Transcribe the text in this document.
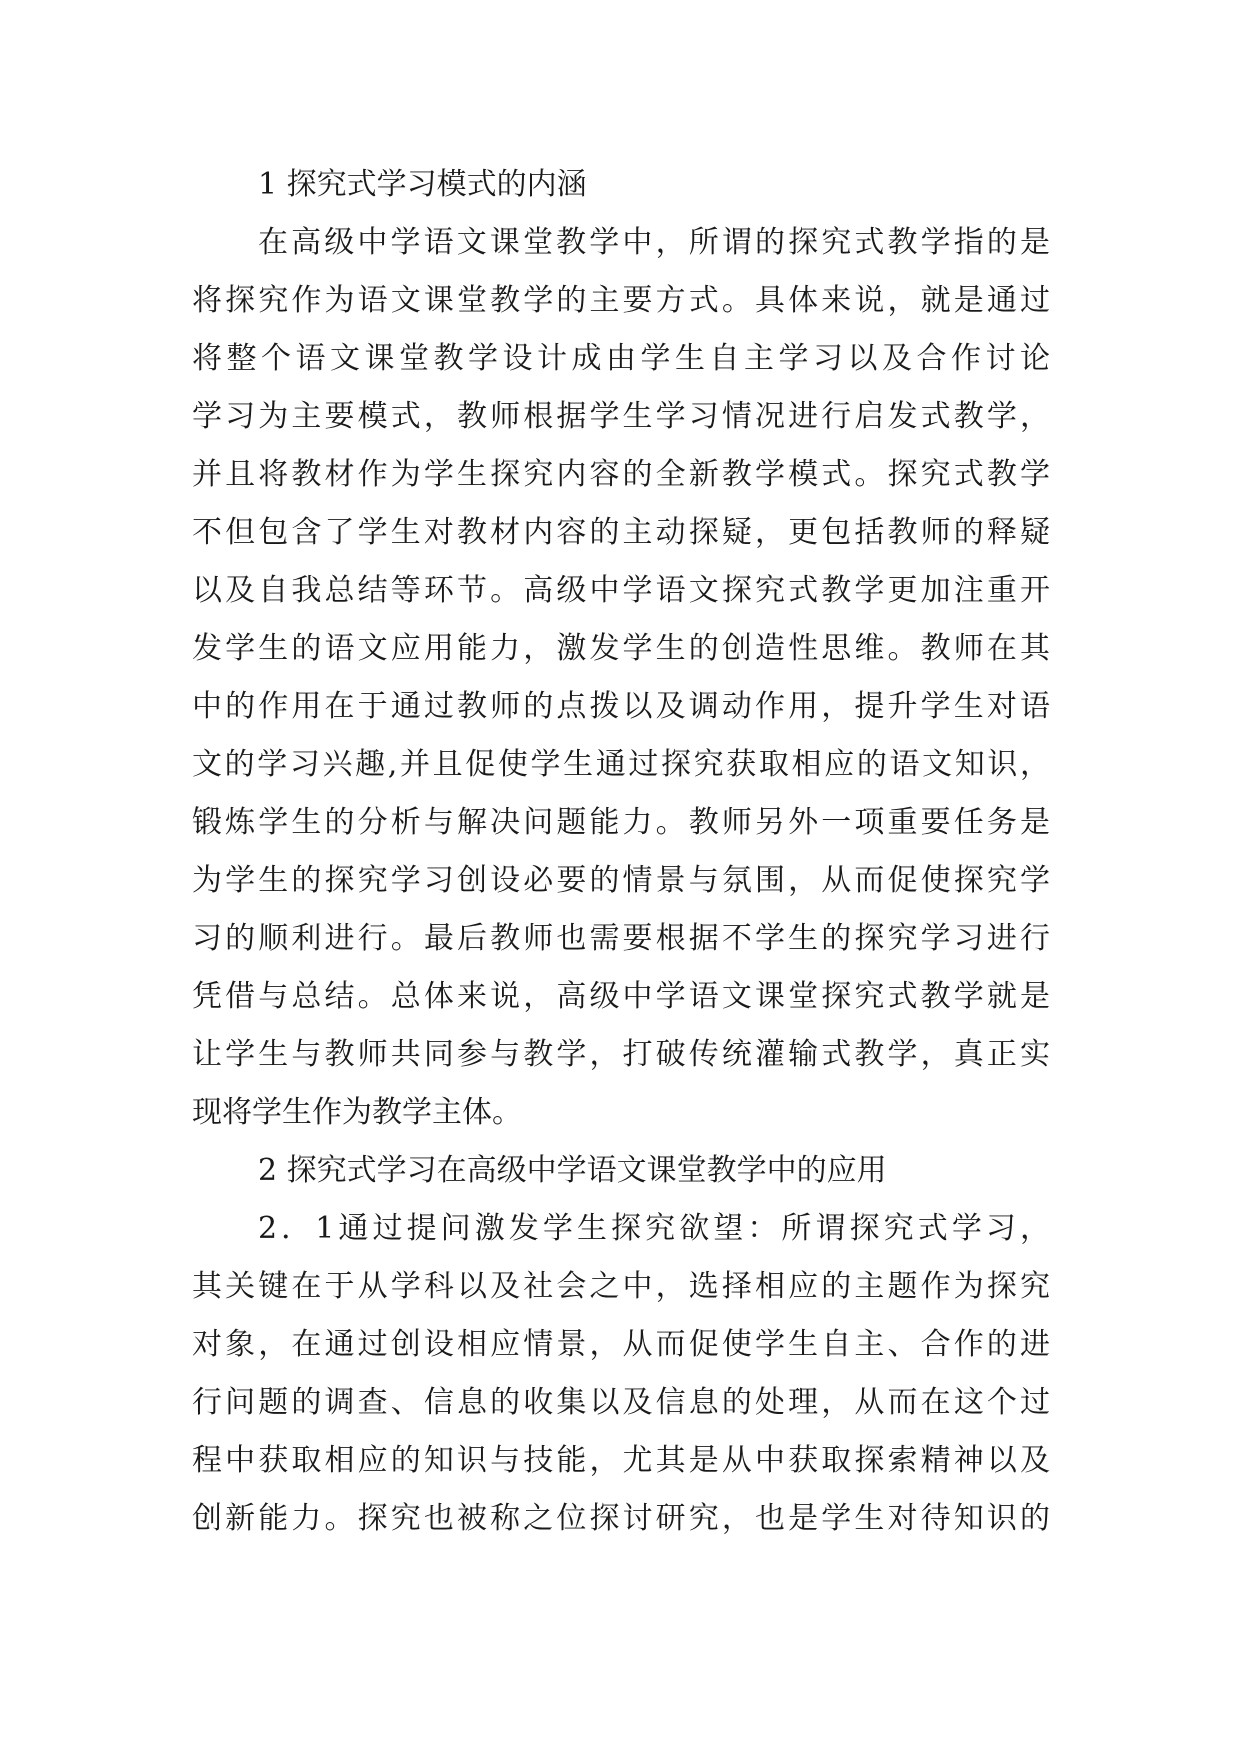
1 探究式学习模式的内涵
在高级中学语文课堂教学中，所谓的探究式教学指的是
将探究作为语文课堂教学的主要方式。具体来说，就是通过
将整个语文课堂教学设计成由学生自主学习以及合作讨论
学习为主要模式，教师根据学生学习情况进行启发式教学，
并且将教材作为学生探究内容的全新教学模式。探究式教学
不但包含了学生对教材内容的主动探疑，更包括教师的释疑
以及自我总结等环节。高级中学语文探究式教学更加注重开
发学生的语文应用能力，激发学生的创造性思维。教师在其
中的作用在于通过教师的点拨以及调动作用，提升学生对语
文的学习兴趣,并且促使学生通过探究获取相应的语文知识，
锻炼学生的分析与解决问题能力。教师另外一项重要任务是
为学生的探究学习创设必要的情景与氛围，从而促使探究学
习的顺利进行。最后教师也需要根据不学生的探究学习进行
凭借与总结。总体来说，高级中学语文课堂探究式教学就是
让学生与教师共同参与教学，打破传统灌输式教学，真正实
现将学生作为教学主体。
2 探究式学习在高级中学语文课堂教学中的应用
2．1通过提问激发学生探究欲望：所谓探究式学习，
其关键在于从学科以及社会之中，选择相应的主题作为探究
对象，在通过创设相应情景，从而促使学生自主、合作的进
行问题的调查、信息的收集以及信息的处理，从而在这个过
程中获取相应的知识与技能，尤其是从中获取探索精神以及
创新能力。探究也被称之位探讨研究，也是学生对待知识的
